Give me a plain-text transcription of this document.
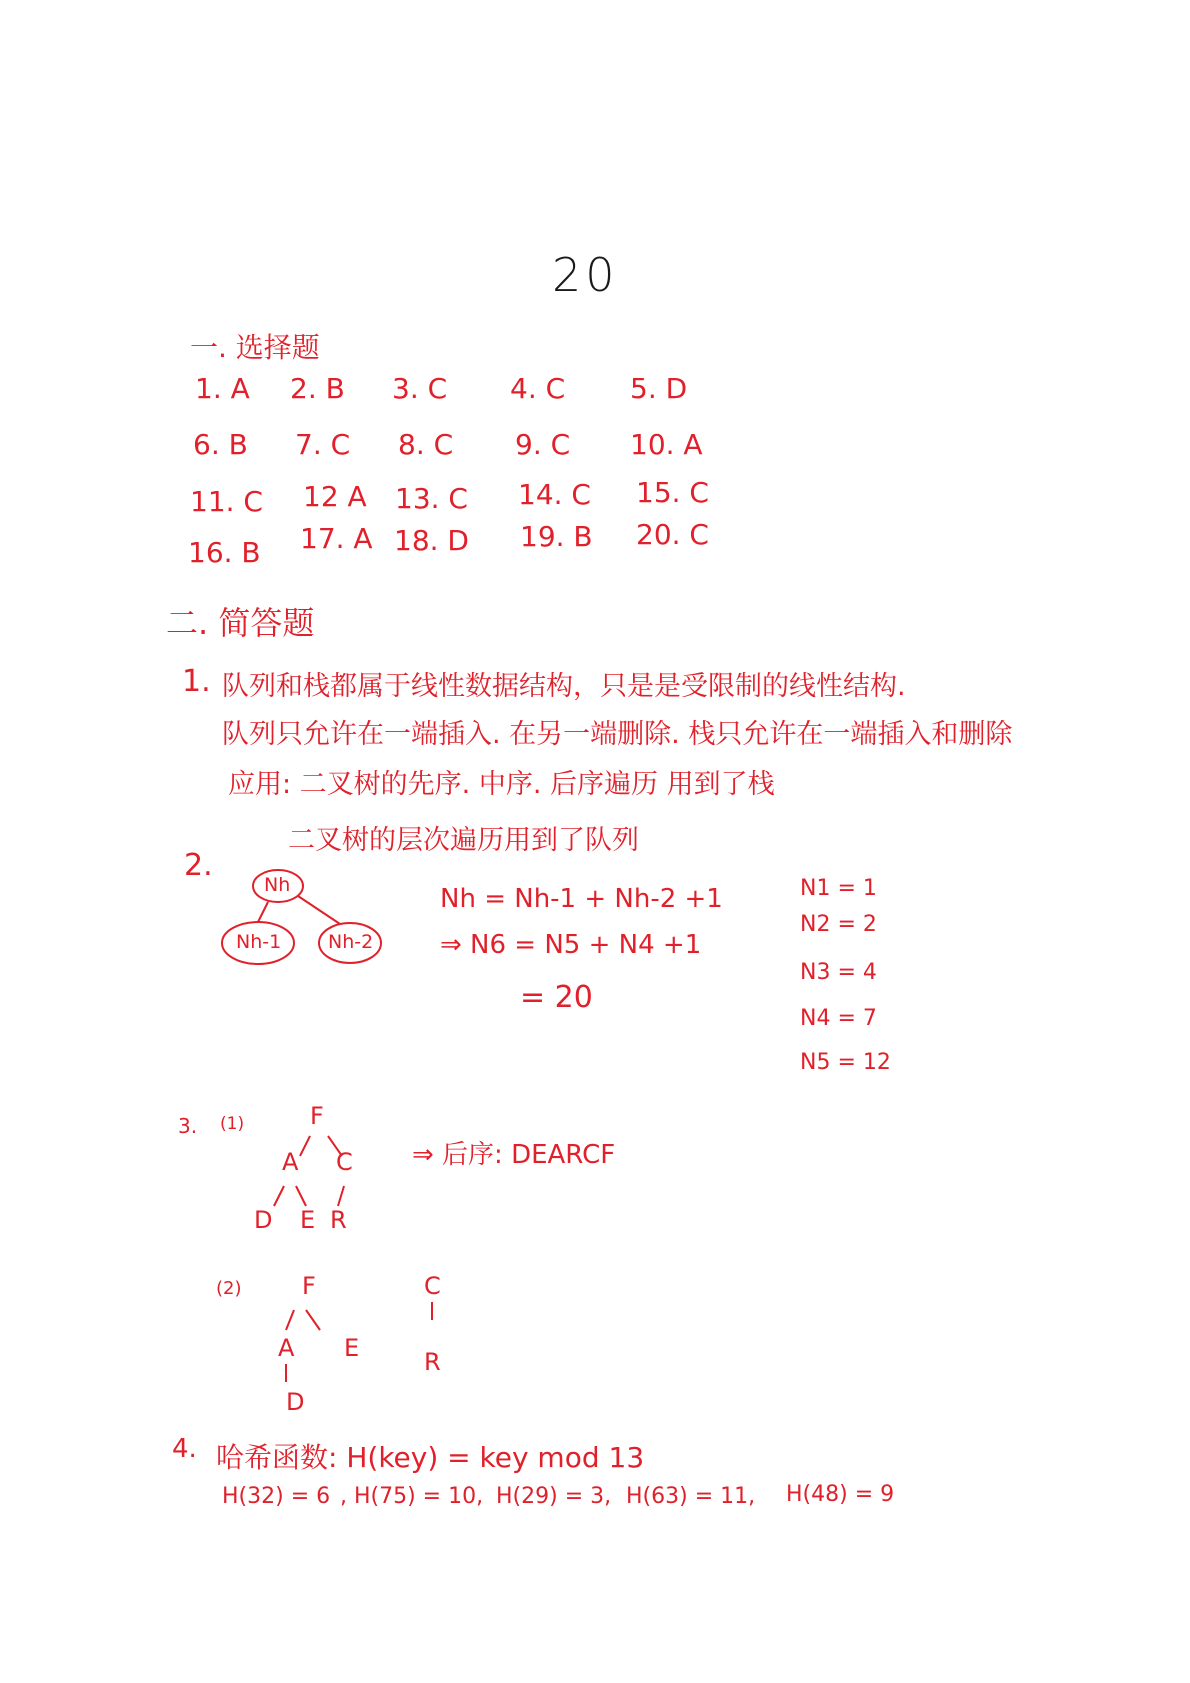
20
一. 选择题
1. A 2. B 3. C 4. C 5. D
6. B 7. C 8. C 9. C 10. A
11. C 12 A 13. C 14. C 15. C
16. B 17. A 18. D 19. B 20. C
二. 简答题
1. 队列和栈都属于线性数据结构，只是是受限制的线性结构.
队列只允许在一端插入. 在另一端删除. 栈只允许在一端插入和删除
应用: 二叉树的先序. 中序. 后序遍历 用到了栈
二叉树的层次遍历用到了队列
2.
Nh
Nh-1 Nh-2
Nh = Nh-1 + Nh-2 +1
⇒ N6 = N5 + N4 +1
= 20
N1 = 1
N2 = 2
N3 = 4
N4 = 7
N5 = 12
3. (1)	F
A C
D E R
⇒ 后序: DEARCF
(2)	F
A E
D
C
R
4. 哈希函数: H(key) = key mod 13
H(32) = 6 , H(75) = 10, H(29) = 3, H(63) = 11, H(48) = 9
